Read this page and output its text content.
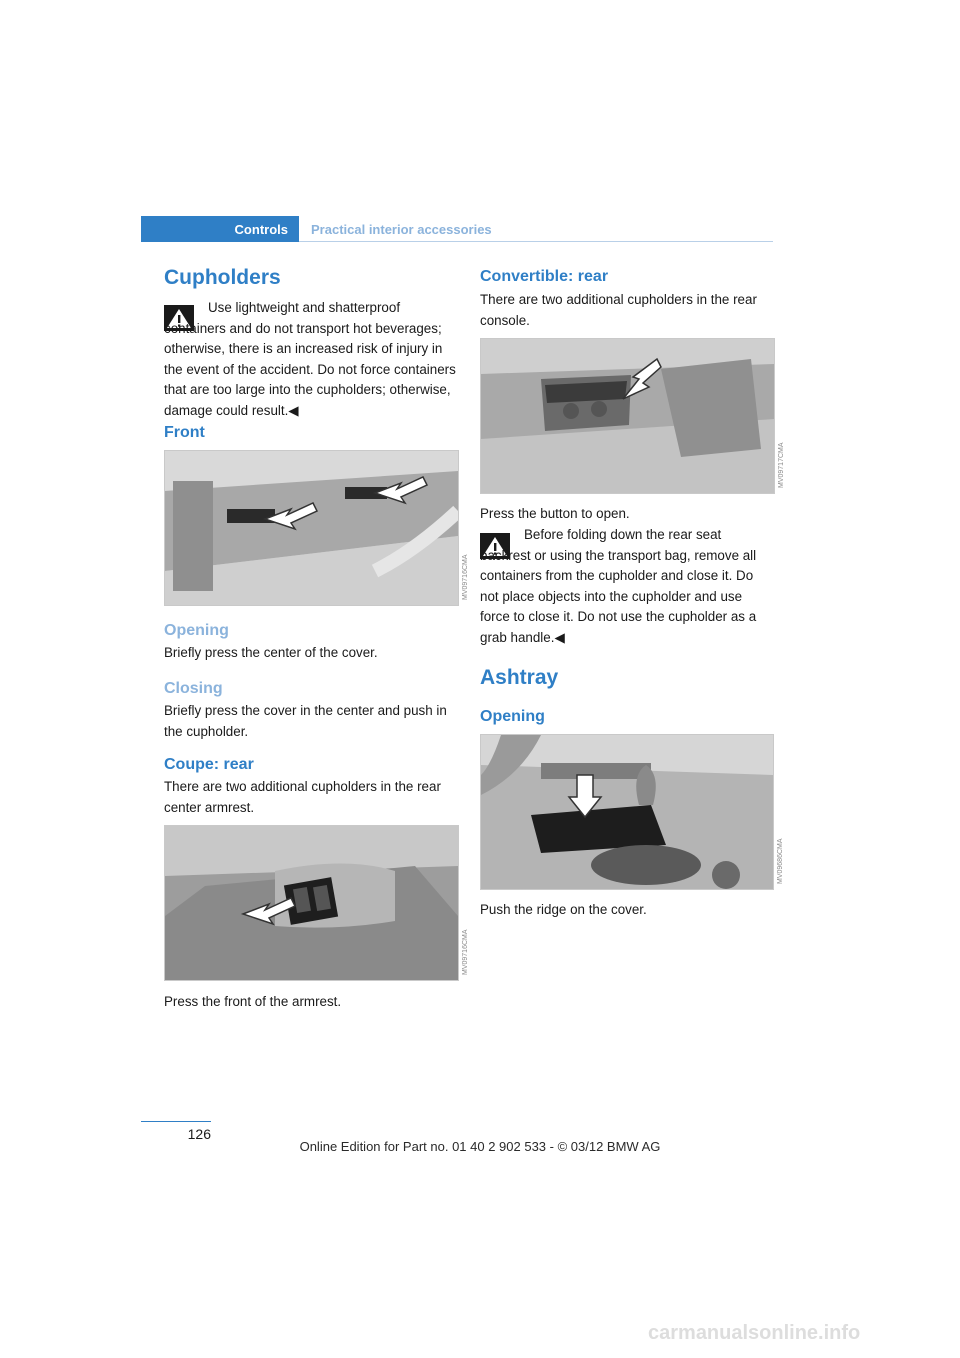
Controls Practical interior accessories
Cupholders
Use lightweight and shatterproof containers and do not transport hot beverages; otherwise, there is an increased risk of injury in the event of the accident. Do not force containers that are too large into the cupholders; otherwise, damage could result.◀
Front
MV09716CMA
Opening
Briefly press the center of the cover.
Closing
Briefly press the cover in the center and push in the cupholder.
Coupe: rear
There are two additional cupholders in the rear center armrest.
MV09716CMA
Press the front of the armrest.
Convertible: rear
There are two additional cupholders in the rear console.
MV09717CMA
Press the button to open.
Before folding down the rear seat backrest or using the transport bag, remove all containers from the cupholder and close it. Do not place objects into the cupholder and use force to close it. Do not use the cupholder as a grab handle.◀
Ashtray
Opening
MV09686CMA
Push the ridge on the cover.
126
Online Edition for Part no. 01 40 2 902 533 - © 03/12 BMW AG
carmanualsonline.info
